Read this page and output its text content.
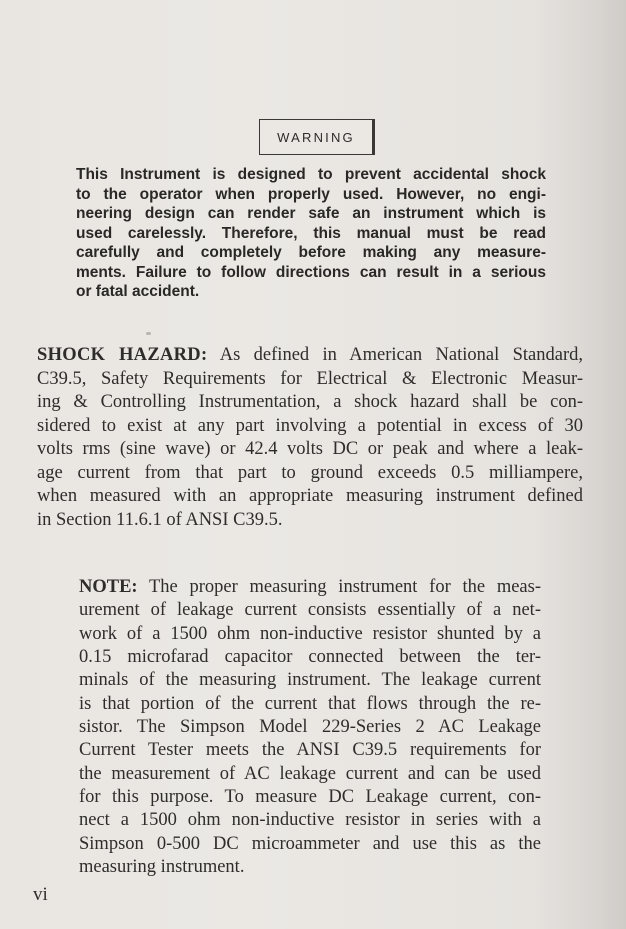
WARNING
This Instrument is designed to prevent accidental shock
to the operator when properly used. However, no engi-
neering design can render safe an instrument which is
used carelessly. Therefore, this manual must be read
carefully and completely before making any measure-
ments. Failure to follow directions can result in a serious
or fatal accident.
SHOCK HAZARD: As defined in American National Standard,
C39.5, Safety Requirements for Electrical & Electronic Measur-
ing & Controlling Instrumentation, a shock hazard shall be con-
sidered to exist at any part involving a potential in excess of 30
volts rms (sine wave) or 42.4 volts DC or peak and where a leak-
age current from that part to ground exceeds 0.5 milliampere,
when measured with an appropriate measuring instrument defined
in Section 11.6.1 of ANSI C39.5.
NOTE: The proper measuring instrument for the meas-
urement of leakage current consists essentially of a net-
work of a 1500 ohm non-inductive resistor shunted by a
0.15 microfarad capacitor connected between the ter-
minals of the measuring instrument. The leakage current
is that portion of the current that flows through the re-
sistor. The Simpson Model 229-Series 2 AC Leakage
Current Tester meets the ANSI C39.5 requirements for
the measurement of AC leakage current and can be used
for this purpose. To measure DC Leakage current, con-
nect a 1500 ohm non-inductive resistor in series with a
Simpson 0-500 DC microammeter and use this as the
measuring instrument.
vi
